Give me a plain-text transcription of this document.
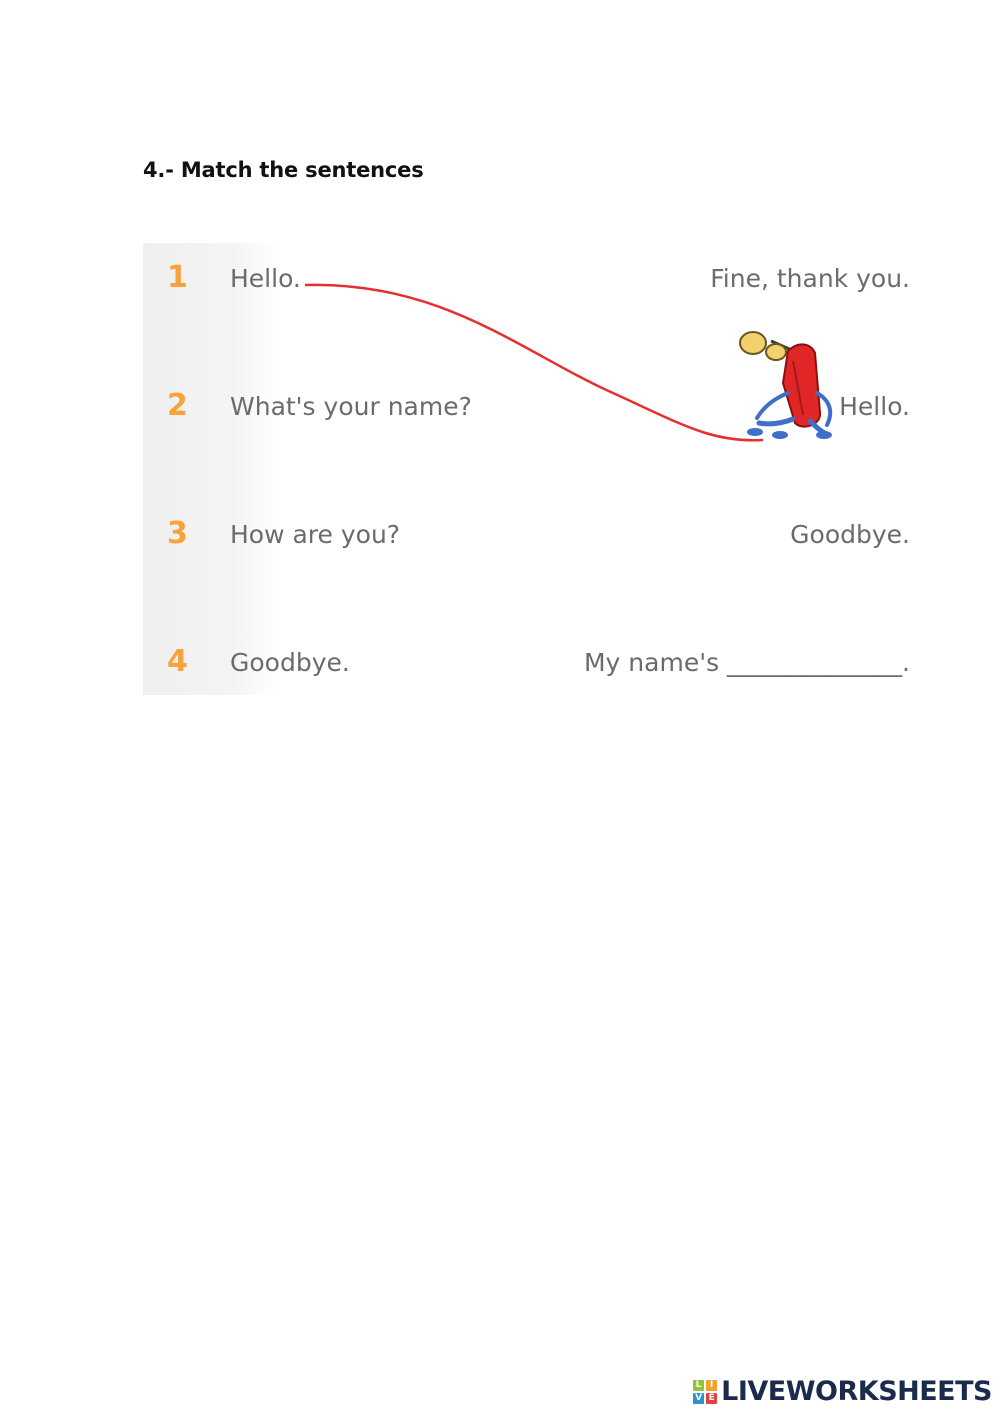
4.- Match the sentences
1 Hello.	Fine, thank you.
2 What's your name?	Hello.
3 How are you?	Goodbye.
4 Goodbye.	My name's ______________.
L I
V E LIVEWORKSHEETS
